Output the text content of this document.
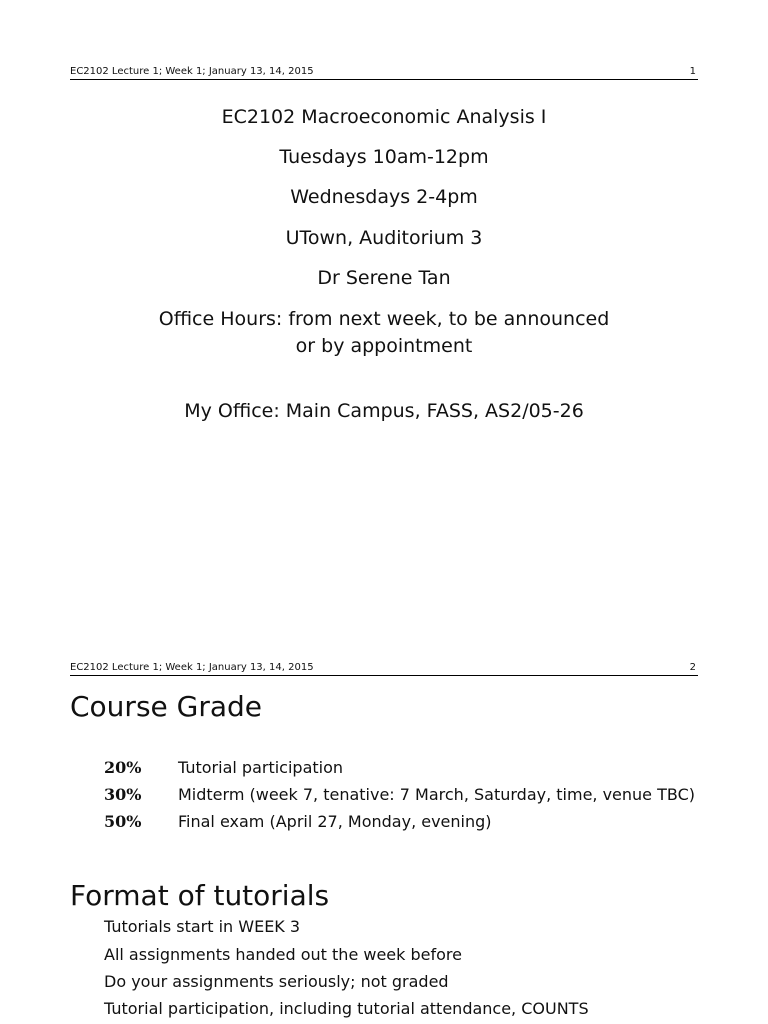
EC2102 Lecture 1; Week 1; January 13, 14, 2015	1
EC2102 Macroeconomic Analysis I
Tuesdays 10am-12pm
Wednesdays 2-4pm
UTown, Auditorium 3
Dr Serene Tan
Office Hours: from next week, to be announced
or by appointment
My Office: Main Campus, FASS, AS2/05-26
EC2102 Lecture 1; Week 1; January 13, 14, 2015	2
Course Grade
20%	Tutorial participation
30%	Midterm (week 7, tenative: 7 March, Saturday, time, venue TBC)
50%	Final exam (April 27, Monday, evening)
Format of tutorials
Tutorials start in WEEK 3
All assignments handed out the week before
Do your assignments seriously; not graded
Tutorial participation, including tutorial attendance, COUNTS
